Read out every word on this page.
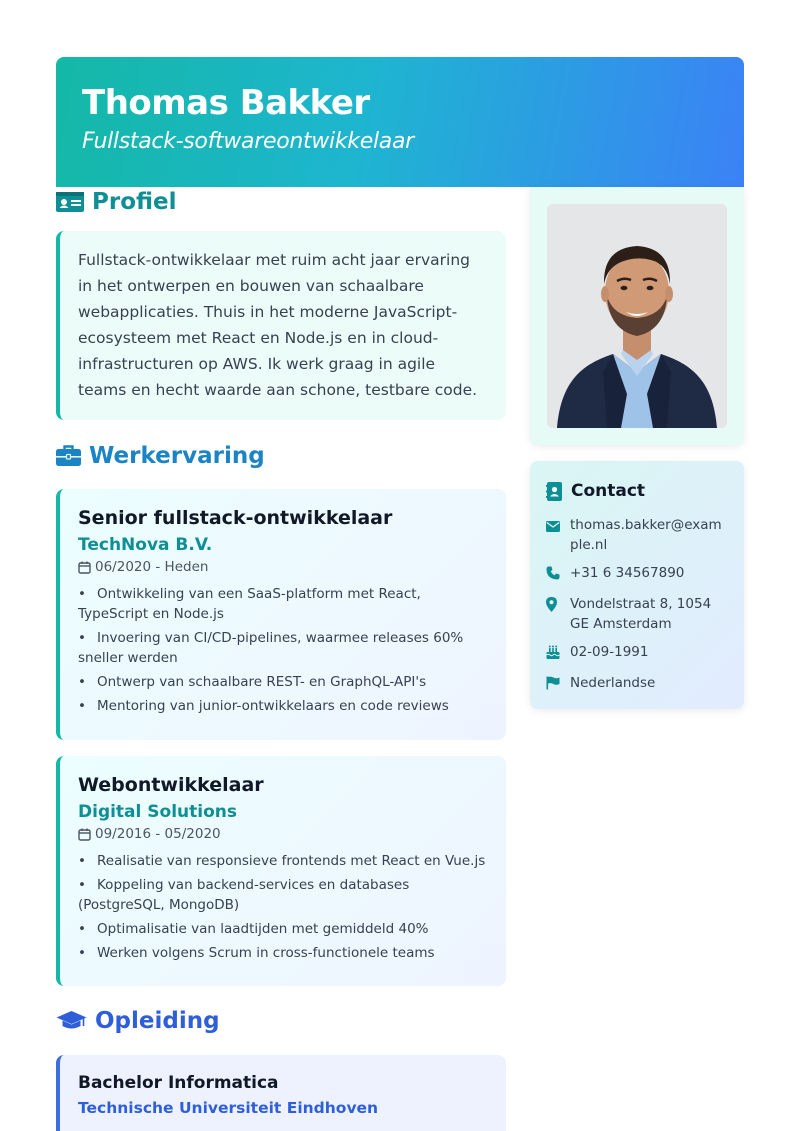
Thomas Bakker
Fullstack-softwareontwikkelaar
Profiel
Fullstack-ontwikkelaar met ruim acht jaar ervaring in het ontwerpen en bouwen van schaalbare webapplicaties. Thuis in het moderne JavaScript-ecosysteem met React en Node.js en in cloud-infrastructuren op AWS. Ik werk graag in agile teams en hecht waarde aan schone, testbare code.
Werkervaring
Senior fullstack-ontwikkelaar
TechNova B.V.
06/2020 - Heden
• Ontwikkeling van een SaaS-platform met React, TypeScript en Node.js
• Invoering van CI/CD-pipelines, waarmee releases 60% sneller werden
• Ontwerp van schaalbare REST- en GraphQL-API's
• Mentoring van junior-ontwikkelaars en code reviews
Webontwikkelaar
Digital Solutions
09/2016 - 05/2020
• Realisatie van responsieve frontends met React en Vue.js
• Koppeling van backend-services en databases (PostgreSQL, MongoDB)
• Optimalisatie van laadtijden met gemiddeld 40%
• Werken volgens Scrum in cross-functionele teams
Opleiding
Bachelor Informatica
Technische Universiteit Eindhoven
Contact
thomas.bakker@example.nl
+31 6 34567890
Vondelstraat 8, 1054 GE Amsterdam
02-09-1991
Nederlandse
